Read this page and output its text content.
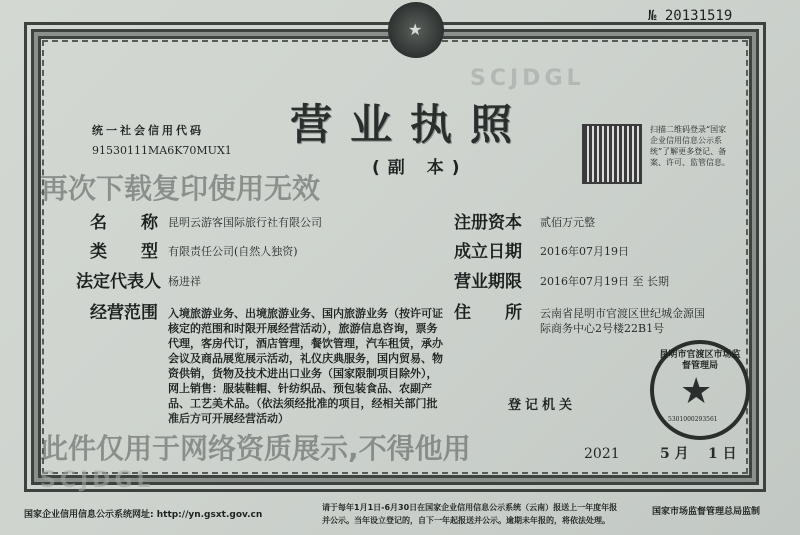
№ 20131519
★
SCJDGL
SCJDGL
统一社会信用代码
91530111MA6K70MUX1
营业执照
(副 本)
扫描二维码登录“国家企业信用信息公示系统”了解更多登记、备案、许可、监管信息。
再次下载复印使用无效
名　　称 昆明云游客国际旅行社有限公司
类　　型 有限责任公司(自然人独资)
法定代表人 杨进祥
经营范围 入境旅游业务、出境旅游业务、国内旅游业务（按许可证核定的范围和时限开展经营活动），旅游信息咨询，票务代理，客房代订，酒店管理，餐饮管理，汽车租赁，承办会议及商品展览展示活动，礼仪庆典服务，国内贸易、物资供销，货物及技术进出口业务（国家限制项目除外），网上销售：服装鞋帽、针纺织品、预包装食品、农副产品、工艺美术品。（依法须经批准的项目，经相关部门批准后方可开展经营活动）
注册资本 贰佰万元整
成立日期 2016年07月19日
营业期限 2016年07月19日 至 长期
住　　所 云南省昆明市官渡区世纪城金源国际商务中心2号楼22B1号
登记机关
昆明市官渡区市场监督管理局
★
5301000293561
2021	5 月 1 日
此件仅用于网络资质展示,不得他用
国家企业信用信息公示系统网址: http://yn.gsxt.gov.cn
请于每年1月1日-6月30日在国家企业信用信息公示系统（云南）报送上一年度年报
并公示。当年设立登记的，自下一年起报送并公示。逾期未年报的，将依法处理。
国家市场监督管理总局监制
